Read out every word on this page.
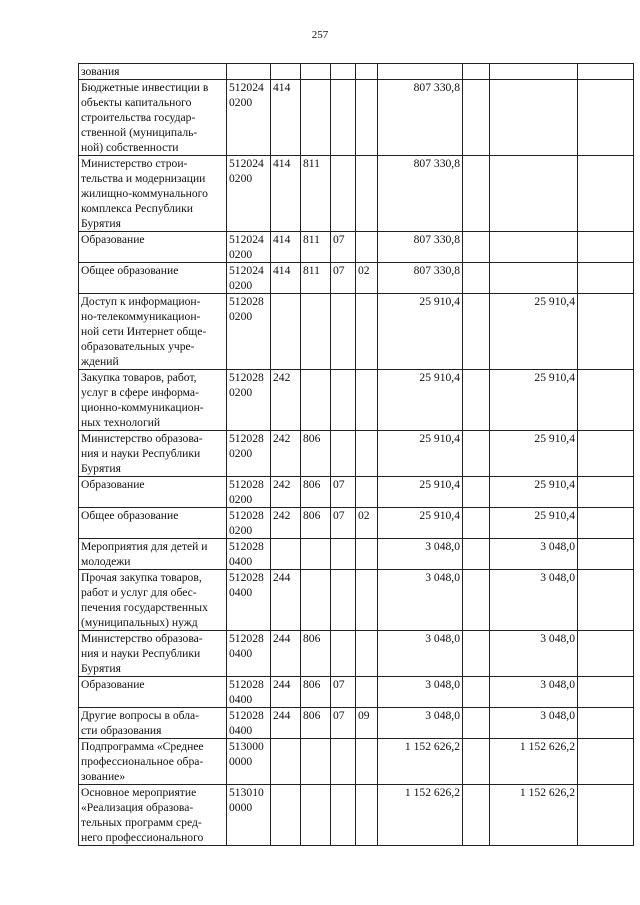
257
зования									
Бюджетные инвестиции в
объекты капитального
строительства государ-
ственной (муниципаль-
ной) собственности	512024
0200	414				807 330,8			
Министерство строи-
тельства и модернизации
жилищно-коммунального
комплекса Республики
Бурятия	512024
0200	414	811			807 330,8			
Образование	512024
0200	414	811	07		807 330,8			
Общее образование	512024
0200	414	811	07	02	807 330,8			
Доступ к информацион-
но-телекоммуникацион-
ной сети Интернет обще-
образовательных учре-
ждений	512028
0200					25 910,4		25 910,4	
Закупка товаров, работ,
услуг в сфере информа-
ционно-коммуникацион-
ных технологий	512028
0200	242				25 910,4		25 910,4	
Министерство образова-
ния и науки Республики
Бурятия	512028
0200	242	806			25 910,4		25 910,4	
Образование	512028
0200	242	806	07		25 910,4		25 910,4	
Общее образование	512028
0200	242	806	07	02	25 910,4		25 910,4	
Мероприятия для детей и
молодежи	512028
0400					3 048,0		3 048,0	
Прочая закупка товаров,
работ и услуг для обес-
печения государственных
(муниципальных) нужд	512028
0400	244				3 048,0		3 048,0	
Министерство образова-
ния и науки Республики
Бурятия	512028
0400	244	806			3 048,0		3 048,0	
Образование	512028
0400	244	806	07		3 048,0		3 048,0	
Другие вопросы в обла-
сти образования	512028
0400	244	806	07	09	3 048,0		3 048,0	
Подпрограмма «Среднее
профессиональное обра-
зование»	513000
0000					1 152 626,2		1 152 626,2	
Основное мероприятие
«Реализация образова-
тельных программ сред-
него профессионального	513010
0000					1 152 626,2		1 152 626,2	
